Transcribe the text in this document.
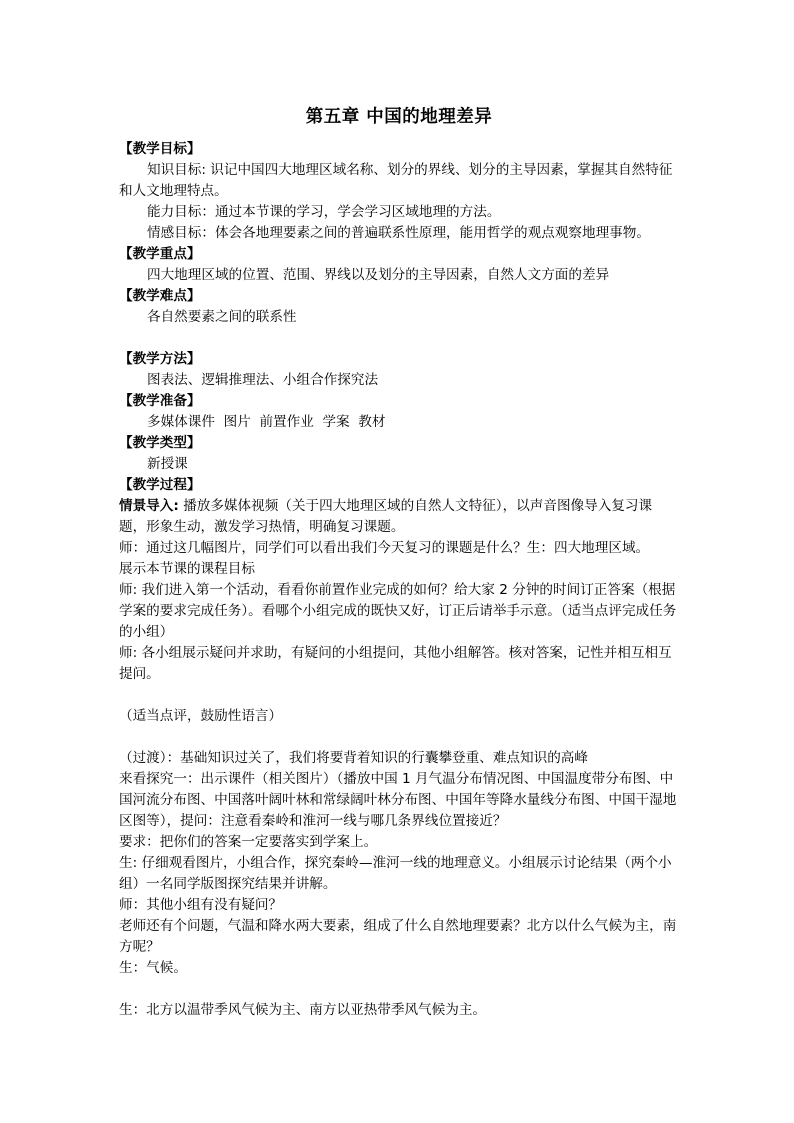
第五章 中国的地理差异

【教学目标】

知识目标: 识记中国四大地理区域名称、划分的界线、划分的主导因素，掌握其自然特征和人文地理特点。

能力目标：通过本节课的学习，学会学习区域地理的方法。

情感目标：体会各地理要素之间的普遍联系性原理，能用哲学的观点观察地理事物。

【教学重点】

四大地理区域的位置、范围、界线以及划分的主导因素，自然人文方面的差异

【教学难点】

各自然要素之间的联系性

【教学方法】

图表法、逻辑推理法、小组合作探究法

【教学准备】

多媒体课件  图片  前置作业  学案  教材

【教学类型】

新授课

【教学过程】

情景导入: 播放多媒体视频（关于四大地理区域的自然人文特征），以声音图像导入复习课题，形象生动，激发学习热情，明确复习课题。

师：通过这几幅图片，同学们可以看出我们今天复习的课题是什么？生：四大地理区域。

展示本节课的课程目标

师: 我们进入第一个活动，看看你前置作业完成的如何？给大家 2 分钟的时间订正答案（根据学案的要求完成任务）。看哪个小组完成的既快又好，订正后请举手示意。（适当点评完成任务的小组）

师: 各小组展示疑问并求助，有疑问的小组提问，其他小组解答。核对答案，记性并相互相互提问。

（适当点评，鼓励性语言）

（过渡）：基础知识过关了，我们将要背着知识的行囊攀登重、难点知识的高峰

来看探究一：出示课件（相关图片）（播放中国 1 月气温分布情况图、中国温度带分布图、中国河流分布图、中国落叶阔叶林和常绿阔叶林分布图、中国年等降水量线分布图、中国干湿地区图等），提问：注意看秦岭和淮河一线与哪几条界线位置接近？

要求：把你们的答案一定要落实到学案上。

生: 仔细观看图片，小组合作，探究秦岭—淮河一线的地理意义。小组展示讨论结果（两个小组）一名同学版图探究结果并讲解。

师：其他小组有没有疑问？

老师还有个问题，气温和降水两大要素，组成了什么自然地理要素？北方以什么气候为主，南方呢？

生：气候。

生：北方以温带季风气候为主、南方以亚热带季风气候为主。
